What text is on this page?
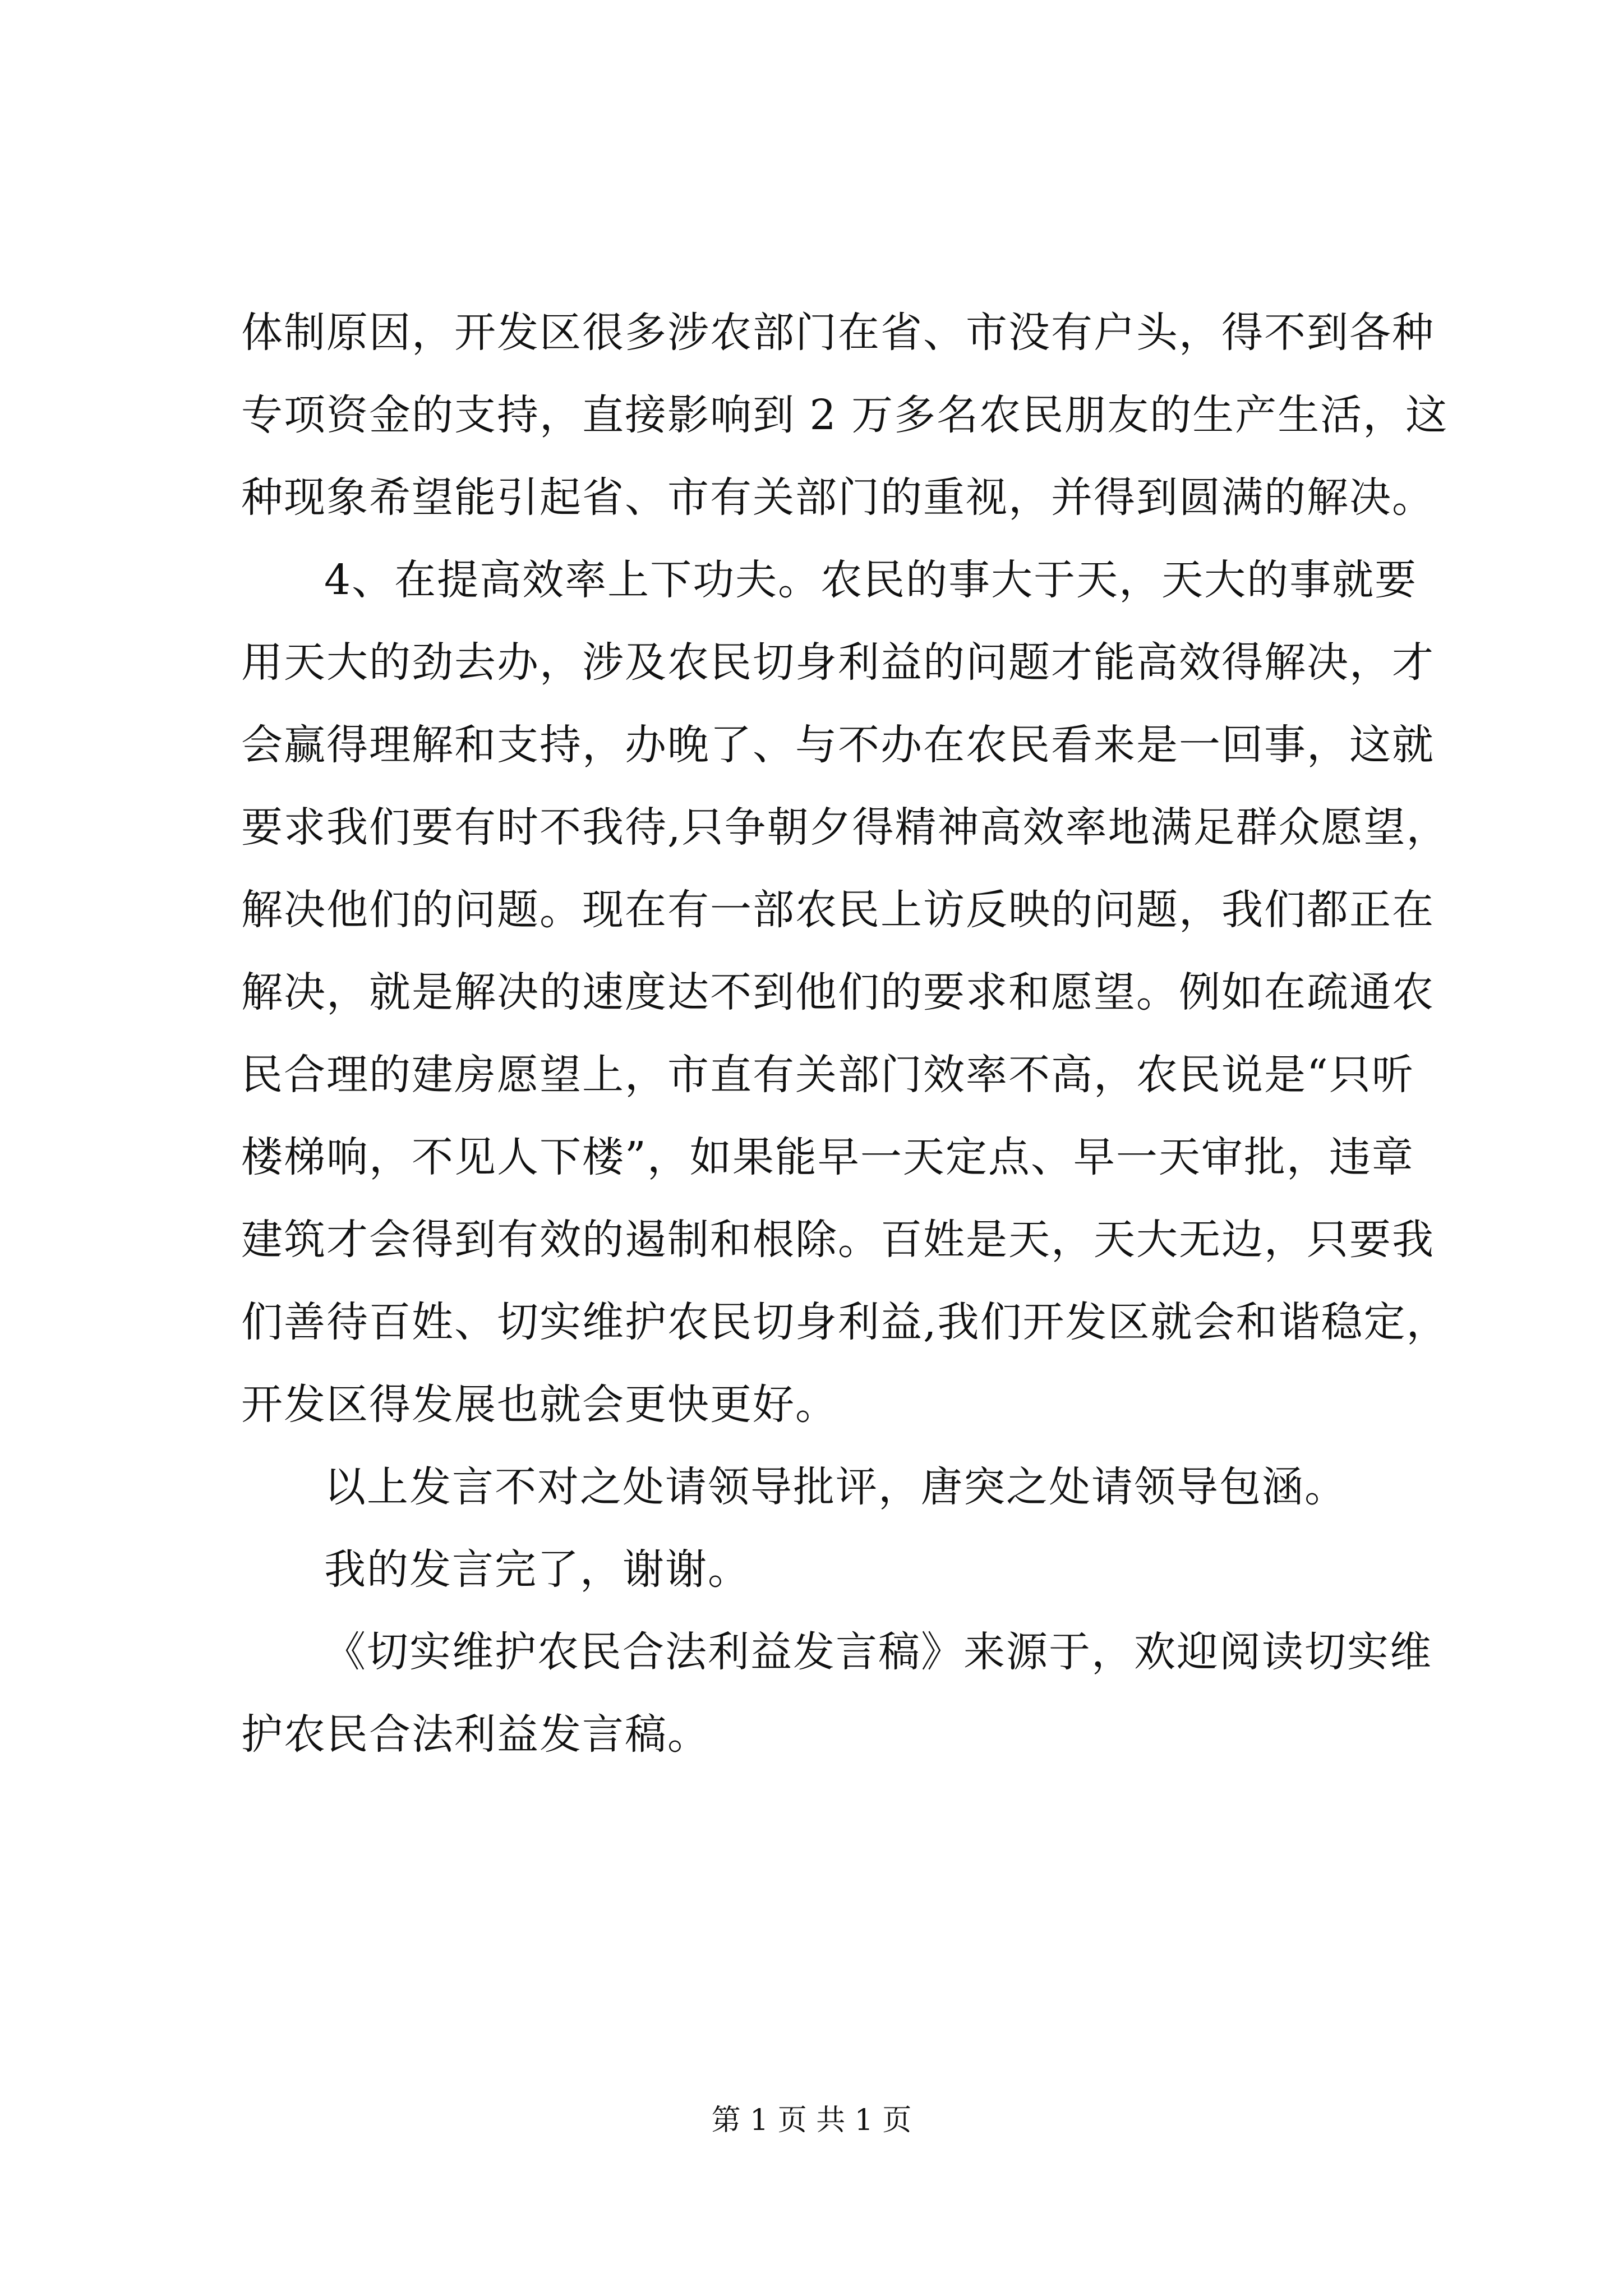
体制原因，开发区很多涉农部门在省、市没有户头，得不到各种
专项资金的支持，直接影响到 2 万多名农民朋友的生产生活，这
种现象希望能引起省、市有关部门的重视，并得到圆满的解决。
4、在提高效率上下功夫。农民的事大于天，天大的事就要
用天大的劲去办，涉及农民切身利益的问题才能高效得解决，才
会赢得理解和支持，办晚了、与不办在农民看来是一回事，这就
要求我们要有时不我待,只争朝夕得精神高效率地满足群众愿望，
解决他们的问题。现在有一部农民上访反映的问题，我们都正在
解决，就是解决的速度达不到他们的要求和愿望。例如在疏通农
民合理的建房愿望上，市直有关部门效率不高，农民说是“只听
楼梯响，不见人下楼”，如果能早一天定点、早一天审批，违章
建筑才会得到有效的遏制和根除。百姓是天，天大无边，只要我
们善待百姓、切实维护农民切身利益,我们开发区就会和谐稳定，
开发区得发展也就会更快更好。
以上发言不对之处请领导批评，唐突之处请领导包涵。
我的发言完了，谢谢。
《切实维护农民合法利益发言稿》来源于，欢迎阅读切实维
护农民合法利益发言稿。
第 1 页 共 1 页
